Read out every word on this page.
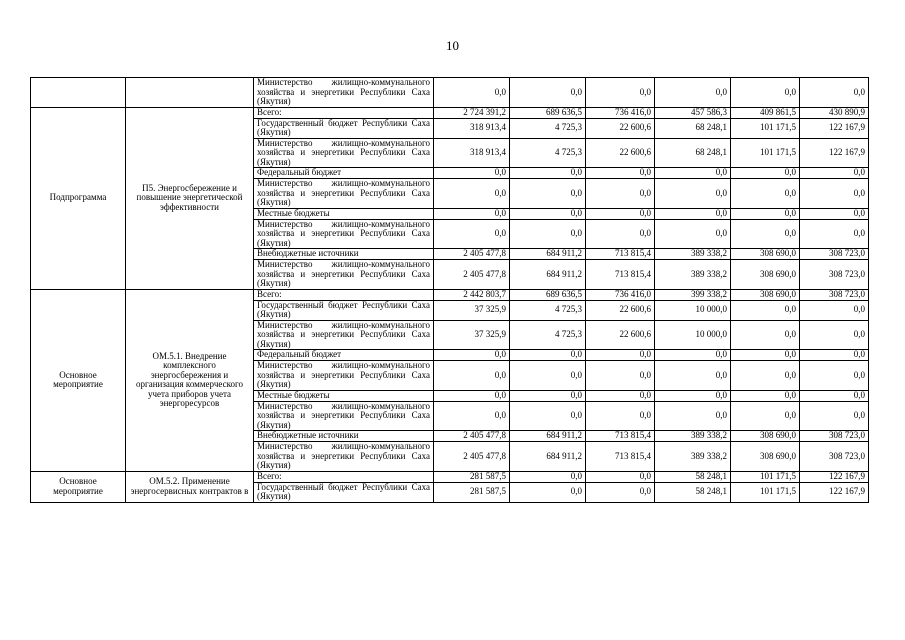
10
		Министерство жилищно-коммунального хозяйства и энергетики Республики Саха (Якутия)	0,0	0,0	0,0	0,0	0,0	0,0
Подпрограмма	П5. Энергосбережение и повышение энергетической эффективности	Всего:	2 724 391,2	689 636,5	736 416,0	457 586,3	409 861,5	430 890,9
		Государственный бюджет Республики Саха (Якутия)	318 913,4	4 725,3	22 600,6	68 248,1	101 171,5	122 167,9
		Министерство жилищно-коммунального хозяйства и энергетики Республики Саха (Якутия)	318 913,4	4 725,3	22 600,6	68 248,1	101 171,5	122 167,9
		Федеральный бюджет	0,0	0,0	0,0	0,0	0,0	0,0
		Министерство жилищно-коммунального хозяйства и энергетики Республики Саха (Якутия)	0,0	0,0	0,0	0,0	0,0	0,0
		Местные бюджеты	0,0	0,0	0,0	0,0	0,0	0,0
		Министерство жилищно-коммунального хозяйства и энергетики Республики Саха (Якутия)	0,0	0,0	0,0	0,0	0,0	0,0
		Внебюджетные источники	2 405 477,8	684 911,2	713 815,4	389 338,2	308 690,0	308 723,0
		Министерство жилищно-коммунального хозяйства и энергетики Республики Саха (Якутия)	2 405 477,8	684 911,2	713 815,4	389 338,2	308 690,0	308 723,0
Основное мероприятие	ОМ.5.1. Внедрение комплексного энергосбережения и организация коммерческого учета приборов учета энергоресурсов	Всего:	2 442 803,7	689 636,5	736 416,0	399 338,2	308 690,0	308 723,0
		Государственный бюджет Республики Саха (Якутия)	37 325,9	4 725,3	22 600,6	10 000,0	0,0	0,0
		Министерство жилищно-коммунального хозяйства и энергетики Республики Саха (Якутия)	37 325,9	4 725,3	22 600,6	10 000,0	0,0	0,0
		Федеральный бюджет	0,0	0,0	0,0	0,0	0,0	0,0
		Министерство жилищно-коммунального хозяйства и энергетики Республики Саха (Якутия)	0,0	0,0	0,0	0,0	0,0	0,0
		Местные бюджеты	0,0	0,0	0,0	0,0	0,0	0,0
		Министерство жилищно-коммунального хозяйства и энергетики Республики Саха (Якутия)	0,0	0,0	0,0	0,0	0,0	0,0
		Внебюджетные источники	2 405 477,8	684 911,2	713 815,4	389 338,2	308 690,0	308 723,0
		Министерство жилищно-коммунального хозяйства и энергетики Республики Саха (Якутия)	2 405 477,8	684 911,2	713 815,4	389 338,2	308 690,0	308 723,0
Основное мероприятие	ОМ.5.2. Применение энергосервисных контрактов в	Всего:	281 587,5	0,0	0,0	58 248,1	101 171,5	122 167,9
		Государственный бюджет Республики Саха (Якутия)	281 587,5	0,0	0,0	58 248,1	101 171,5	122 167,9
